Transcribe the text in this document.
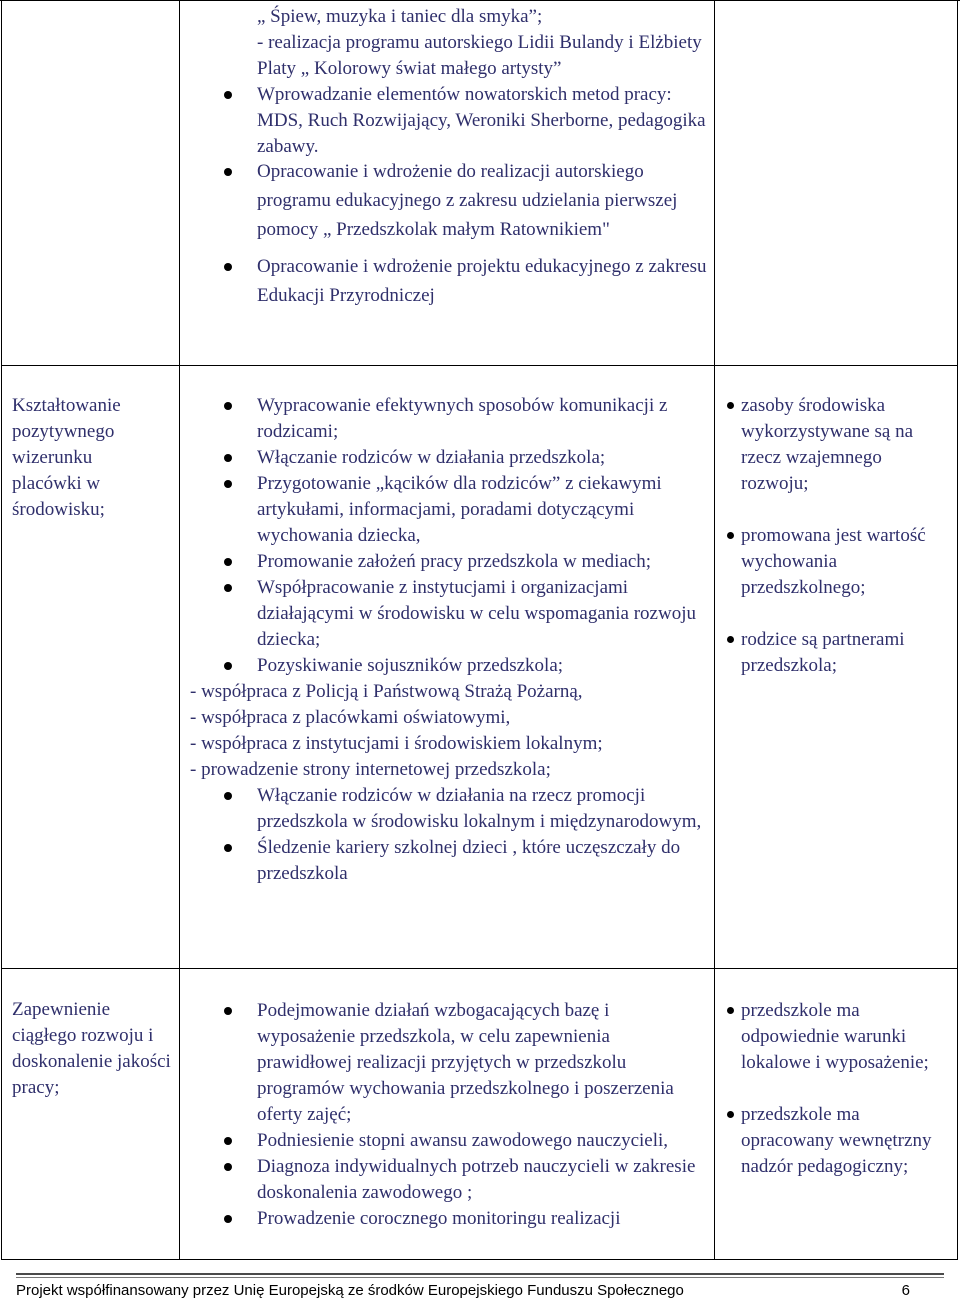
„ Śpiew, muzyka i taniec dla smyka”;
- realizacja programu autorskiego Lidii Bulandy i Elżbiety Platy „ Kolorowy świat małego artysty”
Wprowadzanie elementów nowatorskich metod pracy: MDS, Ruch Rozwijający, Weroniki Sherborne, pedagogika zabawy.
Opracowanie i wdrożenie do realizacji autorskiego programu edukacyjnego z zakresu udzielania pierwszej pomocy „ Przedszkolak małym Ratownikiem"
Opracowanie i wdrożenie projektu edukacyjnego z zakresu Edukacji Przyrodniczej
Kształtowanie pozytywnego wizerunku placówki w środowisku;
Wypracowanie efektywnych sposobów komunikacji z rodzicami;
Włączanie rodziców w działania przedszkola;
Przygotowanie „kącików dla rodziców” z ciekawymi artykułami, informacjami, poradami dotyczącymi wychowania dziecka,
Promowanie założeń pracy przedszkola w mediach;
Współpracowanie z instytucjami i organizacjami działającymi w środowisku w celu wspomagania rozwoju dziecka;
Pozyskiwanie sojuszników przedszkola;
- współpraca z Policją i Państwową Strażą Pożarną,
- współpraca z placówkami oświatowymi,
- współpraca z instytucjami i środowiskiem lokalnym;
- prowadzenie strony internetowej przedszkola;
Włączanie rodziców w działania na rzecz promocji przedszkola w środowisku lokalnym i międzynarodowym,
Śledzenie kariery szkolnej dzieci , które uczęszczały do przedszkola
zasoby środowiska wykorzystywane są na rzecz wzajemnego rozwoju;
promowana jest wartość wychowania przedszkolnego;
rodzice są partnerami przedszkola;
Zapewnienie ciągłego rozwoju i doskonalenie jakości pracy;
Podejmowanie działań wzbogacających bazę i wyposażenie przedszkola, w celu zapewnienia prawidłowej realizacji przyjętych w przedszkolu programów wychowania przedszkolnego i poszerzenia oferty zajęć;
Podniesienie stopni awansu zawodowego nauczycieli,
Diagnoza indywidualnych potrzeb nauczycieli w zakresie doskonalenia zawodowego ;
Prowadzenie corocznego monitoringu realizacji
przedszkole ma odpowiednie warunki lokalowe i wyposażenie;
przedszkole ma opracowany wewnętrzny nadzór pedagogiczny;
Projekt współfinansowany przez Unię Europejską ze środków Europejskiego Funduszu Społecznego	6
